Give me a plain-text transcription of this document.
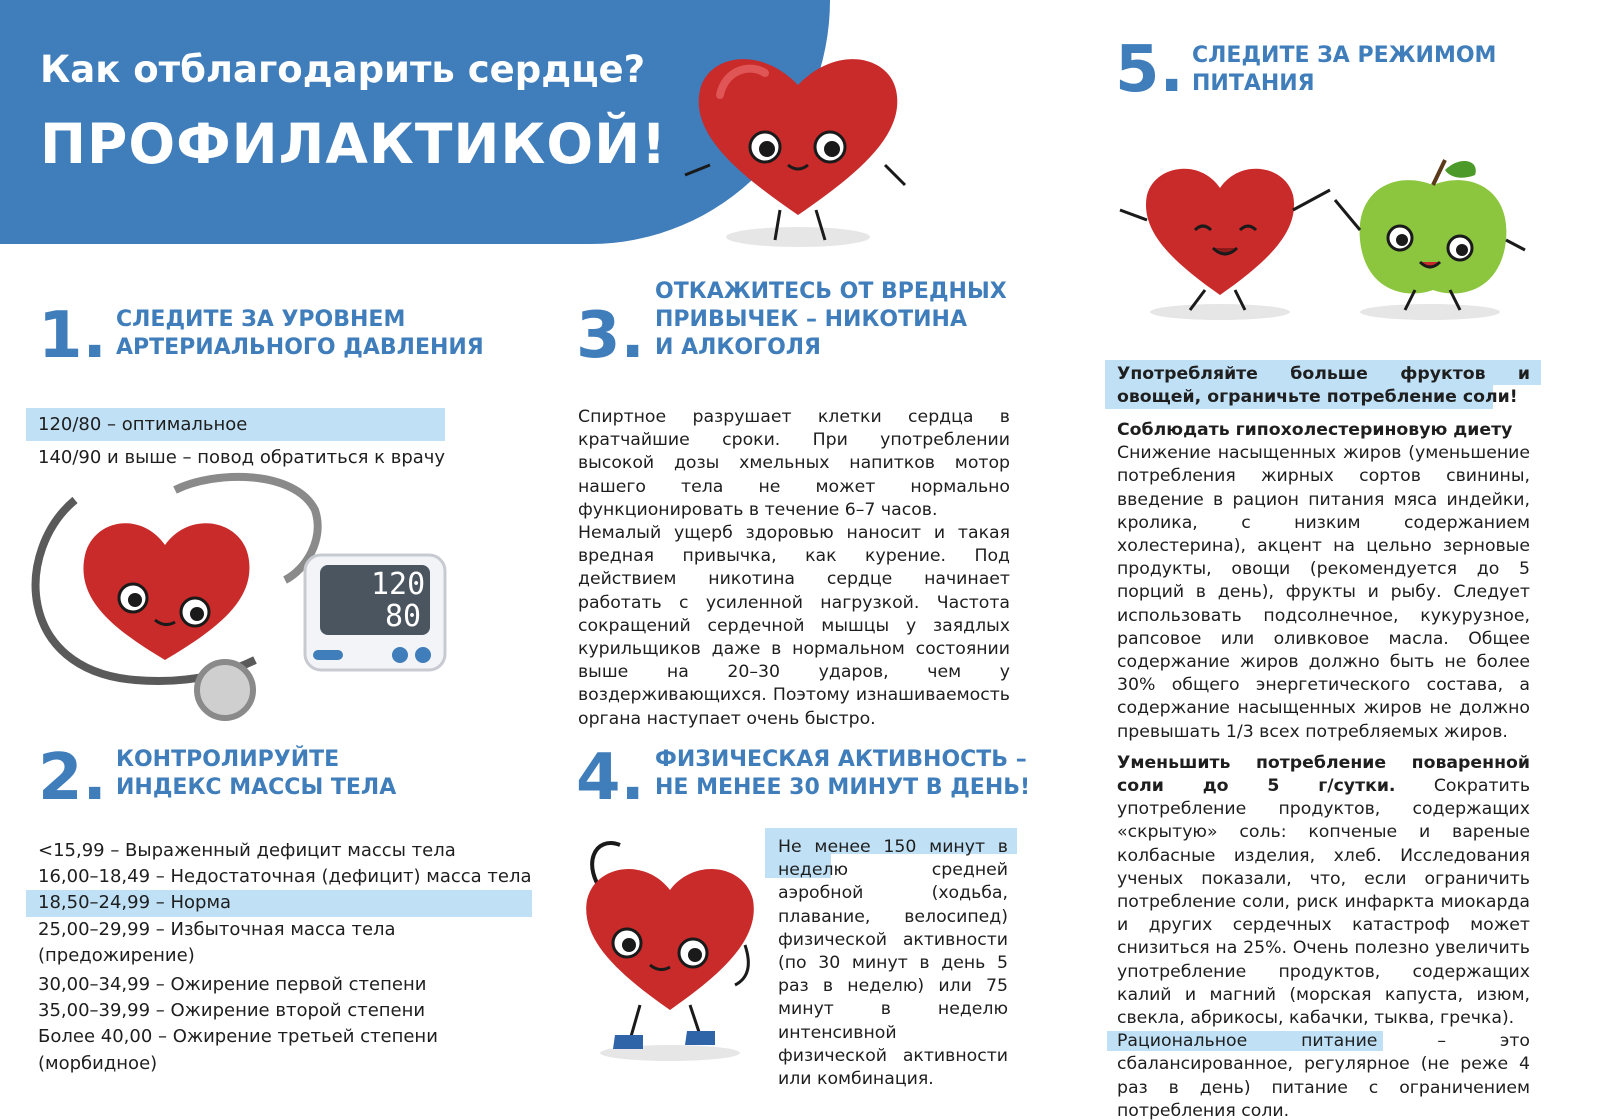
Как отблагодарить сердце?
ПРОФИЛАКТИКОЙ!
1. СЛЕДИТЕ ЗА УРОВНЕМ
АРТЕРИАЛЬНОГО ДАВЛЕНИЯ
120/80 – оптимальное
140/90 и выше – повод обратиться к врачу
120
80
2. КОНТРОЛИРУЙТЕ
ИНДЕКС МАССЫ ТЕЛА
<15,99 – Выраженный дефицит массы тела
16,00–18,49 – Недостаточная (дефицит) масса тела
18,50–24,99 – Норма
25,00–29,99 – Избыточная масса тела
(предожирение)
30,00–34,99 – Ожирение первой степени
35,00–39,99 – Ожирение второй степени
Более 40,00 – Ожирение третьей степени
(морбидное)
3.
ОТКАЖИТЕСЬ ОТ ВРЕДНЫХ
ПРИВЫЧЕК – НИКОТИНА
И АЛКОГОЛЯ

Спиртное разрушает клетки сердца в кратчайшие сроки. При употреблении высокой дозы хмельных напитков мотор нашего тела не может нормально функционировать в течение 6–7 часов.

Немалый ущерб здоровью наносит и такая вредная привычка, как курение. Под действием никотина сердце начинает работать с усиленной нагрузкой. Частота сокращений сердечной мышцы у заядлых курильщиков даже в нормальном состоянии выше на 20–30 ударов, чем у воздерживающихся. Поэтому изнашиваемость органа наступает очень быстро.

4. ФИЗИЧЕСКАЯ АКТИВНОСТЬ –
НЕ МЕНЕЕ 30 МИНУТ В ДЕНЬ!

Не менее 150 минут в неделю	средней аэробной (ходьба, плавание, велосипед) физической активности (по 30 минут в день 5 раз в неделю) или 75 минут в неделю интенсивной физической активности или комбинация.

5. СЛЕДИТЕ ЗА РЕЖИМОМ
ПИТАНИЯ
Употребляйте больше фруктов и овощей, ограничьте потребление соли!

Соблюдать гипохолестериновую диету

Снижение насыщенных жиров (уменьшение потребления жирных сортов свинины, введение в рацион питания мяса индейки, кролика, с низким содержанием холестерина), акцент на цельно зерновые продукты, овощи (рекомендуется до 5 порций в день), фрукты и рыбу. Следует использовать подсолнечное, кукурузное, рапсовое или оливковое масла. Общее содержание жиров должно быть не более 30% общего энергетического состава, а содержание насыщенных жиров не должно превышать 1/3 всех потребляемых жиров.

Уменьшить потребление поваренной соли до 5 г/сутки. Сократить употребление продуктов, содержащих «скрытую» соль: копченые и вареные колбасные изделия, хлеб. Исследования ученых показали, что, если ограничить потребление соли, риск инфаркта миокарда и других сердечных катастроф может снизиться на 25%. Очень полезно увеличить употребление продуктов, содержащих калий и магний (морская капуста, изюм, свекла, абрикосы, кабачки, тыква, гречка).

Рациональное питание – это сбалансированное, регулярное (не реже 4 раз в день) питание с ограничением потребления соли.
